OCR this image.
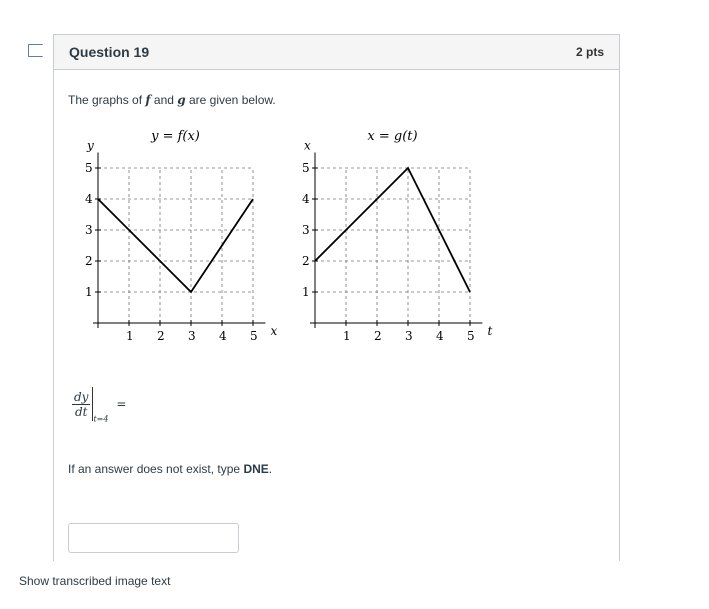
Question 19	2 pts
The graphs of f and g are given below.
1 2 3 4 5
1
2
3
4
5
x
y
y = f(x)
1 2 3 4 5
1
2
3
4
5
t
x
x = g(t)
$\frac{dy}{dt}$
$_{t=4}$ =
If an answer does not exist, type DNE.
Show transcribed image text
